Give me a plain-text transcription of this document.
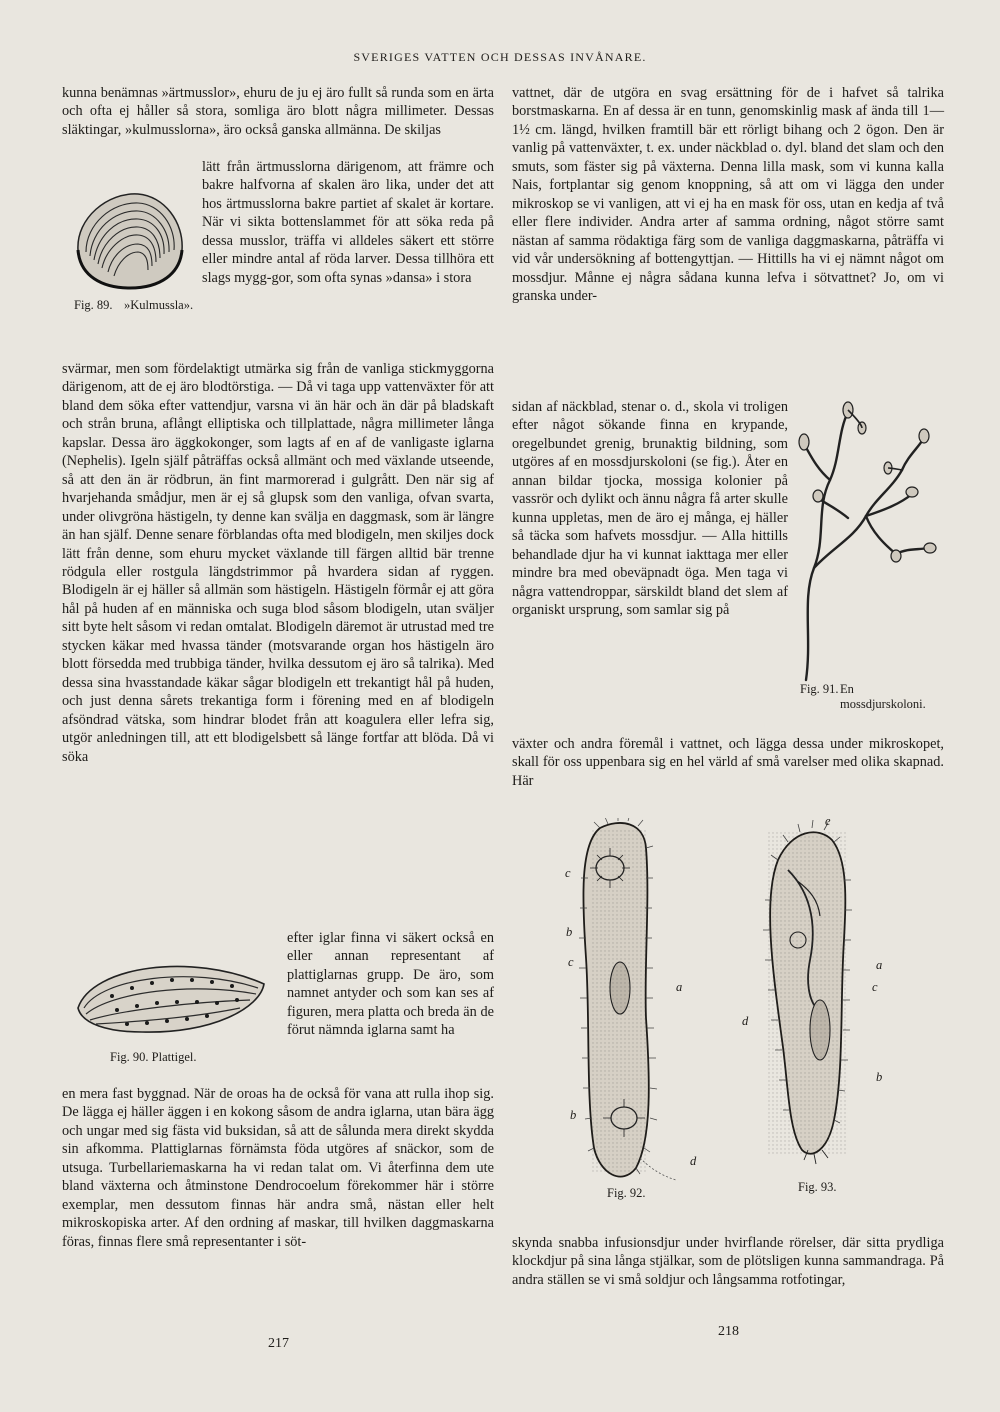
SVERIGES VATTEN OCH DESSAS INVÅNARE.

kunna benämnas »ärtmusslor», ehuru de ju ej äro fullt så runda som en ärta och ofta ej håller så stora, somliga äro blott några millimeter. Dessas släktingar, »kulmusslorna», äro också ganska allmänna. De skiljas

Fig. 89. »Kulmussla».

lätt från ärtmusslorna därigenom, att främre och bakre halfvorna af skalen äro lika, under det att hos ärtmusslorna bakre partiet af skalet är kortare. När vi sikta bottenslammet för att söka reda på dessa musslor, träffa vi alldeles säkert ett större eller mindre antal af röda larver. Dessa tillhöra ett slags mygg-gor, som ofta synas »dansa» i stora

svärmar, men som fördelaktigt utmärka sig från de vanliga stickmyggorna därigenom, att de ej äro blodtörstiga. — Då vi taga upp vattenväxter för att bland dem söka efter vattendjur, varsna vi än här och än där på bladskaft och strån bruna, aflångt elliptiska och tillplattade, några millimeter långa kapslar. Dessa äro äggkokonger, som lagts af en af de vanligaste iglarna (Nephelis). Igeln själf påträffas också allmänt och med växlande utseende, så att den än är rödbrun, än fint marmorerad i gulgrått. Den när sig af hvarjehanda smådjur, men är ej så glupsk som den vanliga, ofvan svarta, under olivgröna hästigeln, ty denne kan svälja en daggmask, som är längre än han själf. Denne senare förblandas ofta med blodigeln, men skiljes dock lätt från denne, som ehuru mycket växlande till färgen alltid bär trenne rödgula eller rostgula längdstrimmor på hvardera sidan af ryggen. Blodigeln är ej häller så allmän som hästigeln. Hästigeln förmår ej att göra hål på huden af en människa och suga blod såsom blodigeln, utan sväljer sitt byte helt såsom vi redan omtalat. Blodigeln däremot är utrustad med tre stycken käkar med hvassa tänder (motsvarande organ hos hästigeln äro blott försedda med trubbiga tänder, hvilka dessutom ej äro så talrika). Med dessa sina hvasstandade käkar sågar blodigeln ett trekantigt hål på huden, och just denna sårets trekantiga form i förening med en af blodigeln afsöndrad vätska, som hindrar blodet från att koagulera eller lefra sig, utgör anledningen till, att ett blodigelsbett så länge fortfar att blöda. Då vi söka

Fig. 90. Plattigel.

efter iglar finna vi säkert också en eller annan representant af plattiglarnas grupp. De äro, som namnet antyder och som kan ses af figuren, mera platta och breda än de förut nämnda iglarna samt ha

en mera fast byggnad. När de oroas ha de också för vana att rulla ihop sig. De lägga ej häller äggen i en kokong såsom de andra iglarna, utan bära ägg och ungar med sig fästa vid buksidan, så att de sålunda mera direkt skydda sin afkomma. Plattiglarnas förnämsta föda utgöres af snäckor, som de utsuga. Turbellariemaskarna ha vi redan talat om. Vi återfinna dem ute bland växterna och åtminstone Dendrocoelum förekommer här i större exemplar, men dessutom finnas här andra små, nästan eller helt mikroskopiska arter. Af den ordning af maskar, till hvilken daggmaskarna föras, finnas flere små representanter i söt-

217

vattnet, där de utgöra en svag ersättning för de i hafvet så talrika borstmaskarna. En af dessa är en tunn, genomskinlig mask af ända till 1—1½ cm. längd, hvilken framtill bär ett rörligt bihang och 2 ögon. Den är vanlig på vattenväxter, t. ex. under näckblad o. dyl. bland det slam och den smuts, som fäster sig på växterna. Denna lilla mask, som vi kunna kalla Nais, fortplantar sig genom knoppning, så att om vi lägga den under mikroskop se vi vanligen, att vi ej ha en mask för oss, utan en kedja af två eller flere individer. Andra arter af samma ordning, något större samt nästan af samma rödaktiga färg som de vanliga daggmaskarna, påträffa vi vid vår undersökning af bottengyttjan. — Hittills ha vi ej nämnt något om mossdjur. Månne ej några sådana kunna lefva i sötvattnet? Jo, om vi granska under-

sidan af näckblad, stenar o. d., skola vi troligen efter något sökande finna en krypande, oregelbundet grenig, brunaktig bildning, som utgöres af en mossdjurskoloni (se fig.). Åter en annan bildar tjocka, mossiga kolonier på vassrör och dylikt och ännu några få arter skulle kunna uppletas, men de äro ej många, ej häller så täcka som hafvets mossdjur. — Alla hittills behandlade djur ha vi kunnat iakttaga mer eller mindre bra med obeväpnadt öga. Men taga vi några vattendroppar, särskildt bland det slem af organiskt ursprung, som samlar sig på

Fig. 91. En mossdjurskoloni.

växter och andra föremål i vattnet, och lägga dessa under mikroskopet, skall för oss uppenbara sig en hel värld af små varelser med olika skapnad. Här

c
b
c
a
b
d
Fig. 92.
e
a
c
d
b
Fig. 93.

skynda snabba infusionsdjur under hvirflande rörelser, där sitta prydliga klockdjur på sina långa stjälkar, som de plötsligen kunna sammandraga. På andra ställen se vi små soldjur och långsamma rotfotingar,

218
